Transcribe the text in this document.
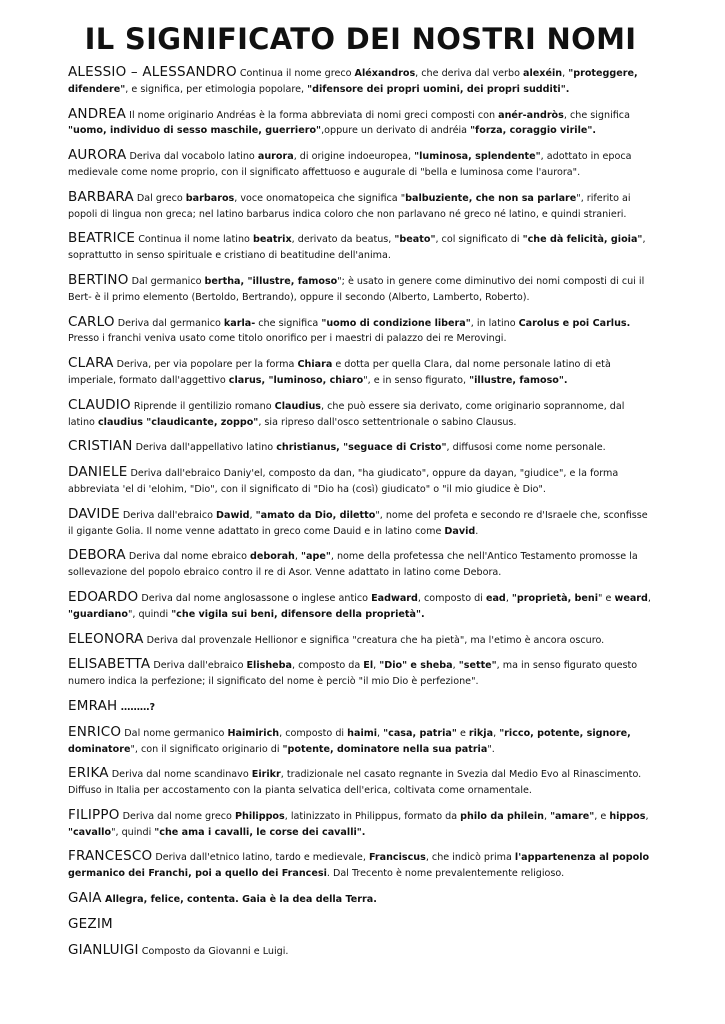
IL SIGNIFICATO DEI NOSTRI NOMI

ALESSIO – ALESSANDRO Continua il nome greco Aléxandros, che deriva dal verbo alexéin, "proteggere, difendere", e significa, per etimologia popolare, "difensore dei propri uomini, dei propri sudditi".

ANDREA Il nome originario Andréas è la forma abbreviata di nomi greci composti con anér-andròs, che significa "uomo, individuo di sesso maschile, guerriero",oppure un derivato di andréia "forza, coraggio virile".

AURORA Deriva dal vocabolo latino aurora, di origine indoeuropea, "luminosa, splendente", adottato in epoca medievale come nome proprio, con il significato affettuoso e augurale di "bella e luminosa come l'aurora".

BARBARA Dal greco barbaros, voce onomatopeica che significa "balbuziente, che non sa parlare", riferito ai popoli di lingua non greca; nel latino barbarus indica coloro che non parlavano né greco né latino, e quindi stranieri.

BEATRICE Continua il nome latino beatrix, derivato da beatus, "beato", col significato di "che dà felicità, gioia", soprattutto in senso spirituale e cristiano di beatitudine dell'anima.

BERTINO Dal germanico bertha, "illustre, famoso"; è usato in genere come diminutivo dei nomi composti di cui il Bert- è il primo elemento (Bertoldo, Bertrando), oppure il secondo (Alberto, Lamberto, Roberto).

CARLO Deriva dal germanico karla- che significa "uomo di condizione libera", in latino Carolus e poi Carlus. Presso i franchi veniva usato come titolo onorifico per i maestri di palazzo dei re Merovingi.

CLARA Deriva, per via popolare per la forma Chiara e dotta per quella Clara, dal nome personale latino di età imperiale, formato dall'aggettivo clarus, "luminoso, chiaro", e in senso figurato, "illustre, famoso".

CLAUDIO Riprende il gentilizio romano Claudius, che può essere sia derivato, come originario soprannome, dal latino claudius "claudicante, zoppo", sia ripreso dall'osco settentrionale o sabino Clausus.

CRISTIAN Deriva dall'appellativo latino christianus, "seguace di Cristo", diffusosi come nome personale.

DANIELE Deriva dall'ebraico Daniy'el, composto da dan, "ha giudicato", oppure da dayan, "giudice", e la forma abbreviata 'el di 'elohim, "Dio", con il significato di "Dio ha (così) giudicato" o "il mio giudice è Dio".

DAVIDE Deriva dall'ebraico Dawid, "amato da Dio, diletto", nome del profeta e secondo re d'Israele che, sconfisse il gigante Golia. Il nome venne adattato in greco come Dauid e in latino come David.

DEBORA Deriva dal nome ebraico deborah, "ape", nome della profetessa che nell'Antico Testamento promosse la sollevazione del popolo ebraico contro il re di Asor. Venne adattato in latino come Debora.

EDOARDO Deriva dal nome anglosassone o inglese antico Eadward, composto di ead, "proprietà, beni" e weard, "guardiano", quindi "che vigila sui beni, difensore della proprietà".

ELEONORA Deriva dal provenzale Hellionor e significa "creatura che ha pietà", ma l'etimo è ancora oscuro.

ELISABETTA Deriva dall'ebraico Elisheba, composto da El, "Dio" e sheba, "sette", ma in senso figurato questo numero indica la perfezione; il significato del nome è perciò "il mio Dio è perfezione".

EMRAH ………?

ENRICO Dal nome germanico Haimirich, composto di haimi, "casa, patria" e rikja, "ricco, potente, signore, dominatore", con il significato originario di "potente, dominatore nella sua patria".

ERIKA Deriva dal nome scandinavo Eirikr, tradizionale nel casato regnante in Svezia dal Medio Evo al Rinascimento. Diffuso in Italia per accostamento con la pianta selvatica dell'erica, coltivata come ornamentale.

FILIPPO Deriva dal nome greco Philippos, latinizzato in Philippus, formato da philo da philein, "amare", e hippos, "cavallo", quindi "che ama i cavalli, le corse dei cavalli".

FRANCESCO Deriva dall'etnico latino, tardo e medievale, Franciscus, che indicò prima l'appartenenza al popolo germanico dei Franchi, poi a quello dei Francesi. Dal Trecento è nome prevalentemente religioso.

GAIA Allegra, felice, contenta. Gaia è la dea della Terra.

GEZIM

GIANLUIGI Composto da Giovanni e Luigi.
